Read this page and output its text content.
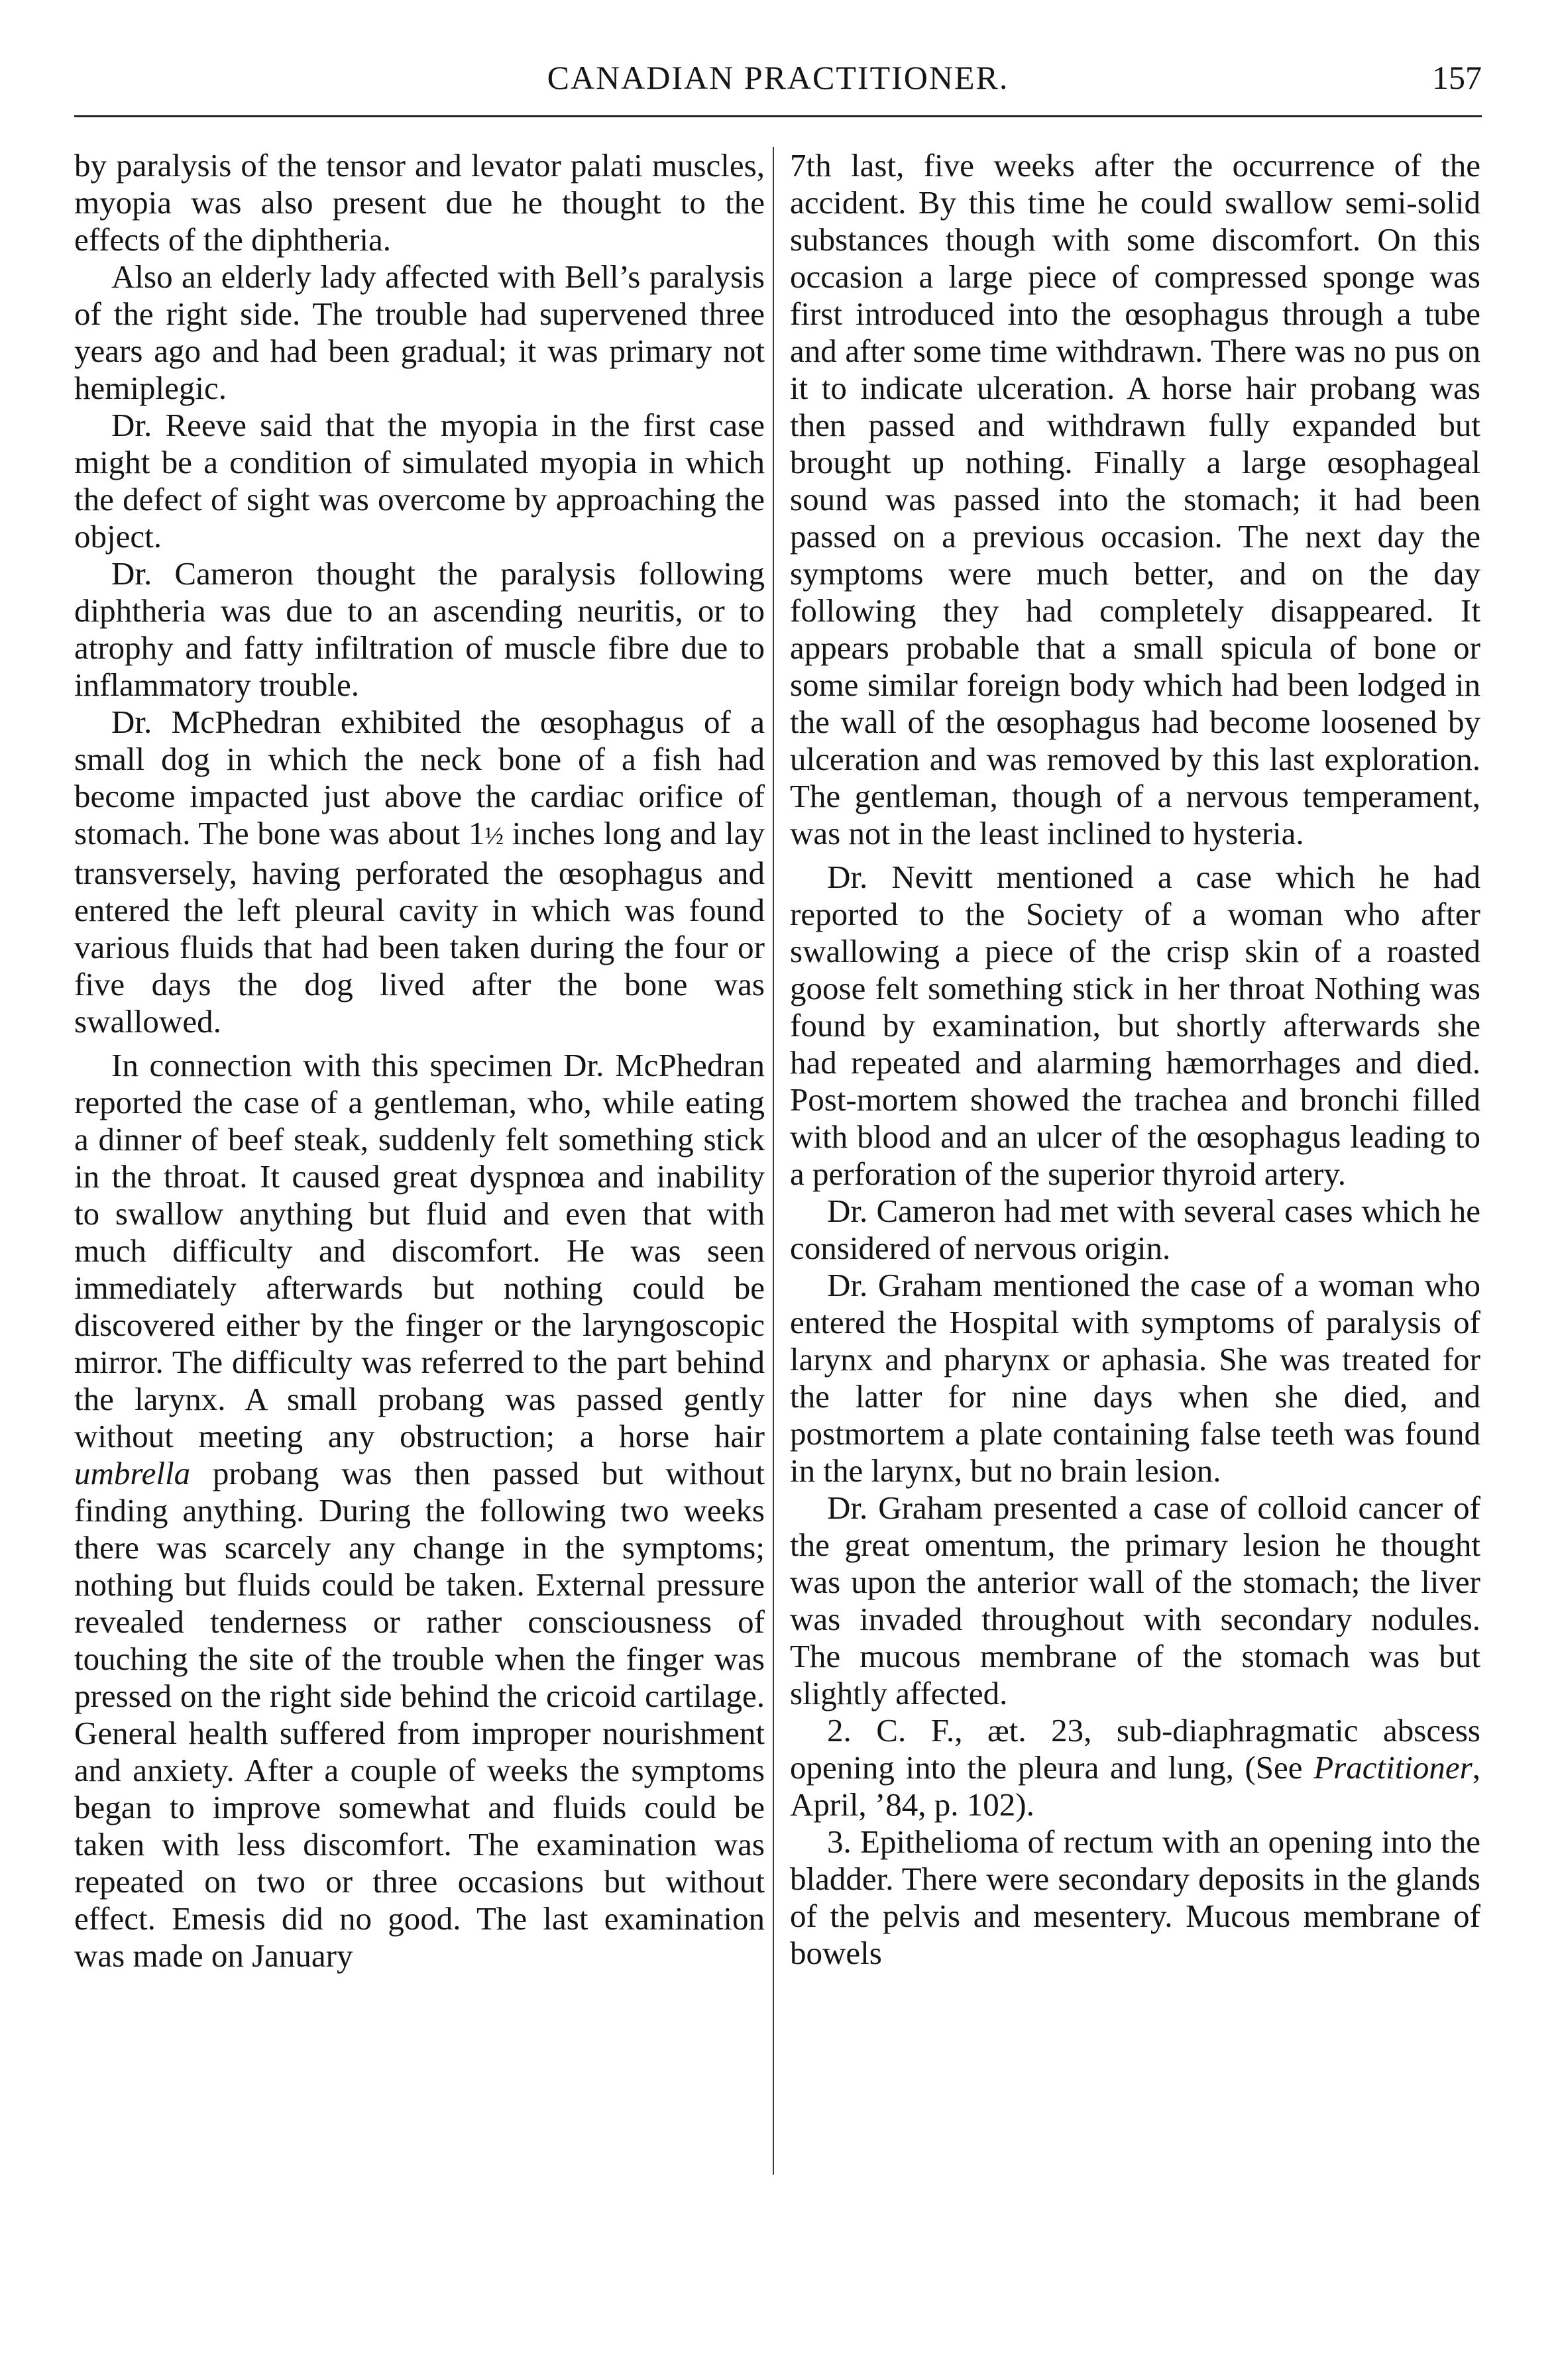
CANADIAN PRACTITIONER.	157

by paralysis of the tensor and levator palati muscles, myopia was also present due he thought to the effects of the diphtheria.

Also an elderly lady affected with Bell’s paralysis of the right side. The trouble had supervened three years ago and had been gradual; it was primary not hemiplegic.

Dr. Reeve said that the myopia in the first case might be a condition of simulated myopia in which the defect of sight was overcome by approaching the object.

Dr. Cameron thought the paralysis following diphtheria was due to an ascending neuritis, or to atrophy and fatty infiltration of muscle fibre due to inflammatory trouble.

Dr. McPhedran exhibited the œsophagus of a small dog in which the neck bone of a fish had become impacted just above the cardiac orifice of stomach. The bone was about 1½ inches long and lay transversely, having perforated the œsophagus and entered the left pleural cavity in which was found various fluids that had been taken during the four or five days the dog lived after the bone was swallowed.

In connection with this specimen Dr. McPhedran reported the case of a gentleman, who, while eating a dinner of beef steak, suddenly felt something stick in the throat. It caused great dyspnœa and inability to swallow anything but fluid and even that with much difficulty and discomfort. He was seen immediately afterwards but nothing could be discovered either by the finger or the laryngoscopic mirror. The difficulty was referred to the part behind the larynx. A small probang was passed gently without meeting any obstruction; a horse hair umbrella probang was then passed but without finding anything. During the following two weeks there was scarcely any change in the symptoms; nothing but fluids could be taken. External pressure revealed tenderness or rather consciousness of touching the site of the trouble when the finger was pressed on the right side behind the cricoid cartilage. General health suffered from improper nourishment and anxiety. After a couple of weeks the symptoms began to improve somewhat and fluids could be taken with less discomfort. The examination was repeated on two or three occasions but without effect. Emesis did no good. The last examination was made on January

7th last, five weeks after the occurrence of the accident. By this time he could swallow semi-solid substances though with some discomfort. On this occasion a large piece of compressed sponge was first introduced into the œsophagus through a tube and after some time withdrawn. There was no pus on it to indicate ulceration. A horse hair probang was then passed and withdrawn fully expanded but brought up nothing. Finally a large œsophageal sound was passed into the stomach; it had been passed on a previous occasion. The next day the symptoms were much better, and on the day following they had completely disappeared. It appears probable that a small spicula of bone or some similar foreign body which had been lodged in the wall of the œsophagus had become loosened by ulceration and was removed by this last exploration. The gentleman, though of a nervous temperament, was not in the least inclined to hysteria.

Dr. Nevitt mentioned a case which he had reported to the Society of a woman who after swallowing a piece of the crisp skin of a roasted goose felt something stick in her throat Nothing was found by examination, but shortly afterwards she had repeated and alarming hæmorrhages and died. Post-mortem showed the trachea and bronchi filled with blood and an ulcer of the œsophagus leading to a perforation of the superior thyroid artery.

Dr. Cameron had met with several cases which he considered of nervous origin.

Dr. Graham mentioned the case of a woman who entered the Hospital with symptoms of paralysis of larynx and pharynx or aphasia. She was treated for the latter for nine days when she died, and postmortem a plate containing false teeth was found in the larynx, but no brain lesion.

Dr. Graham presented a case of colloid cancer of the great omentum, the primary lesion he thought was upon the anterior wall of the stomach; the liver was invaded throughout with secondary nodules. The mucous membrane of the stomach was but slightly affected.

2. C. F., æt. 23, sub-diaphragmatic abscess opening into the pleura and lung, (See Practitioner, April, ’84, p. 102).

3. Epithelioma of rectum with an opening into the bladder. There were secondary deposits in the glands of the pelvis and mesentery. Mucous membrane of bowels
